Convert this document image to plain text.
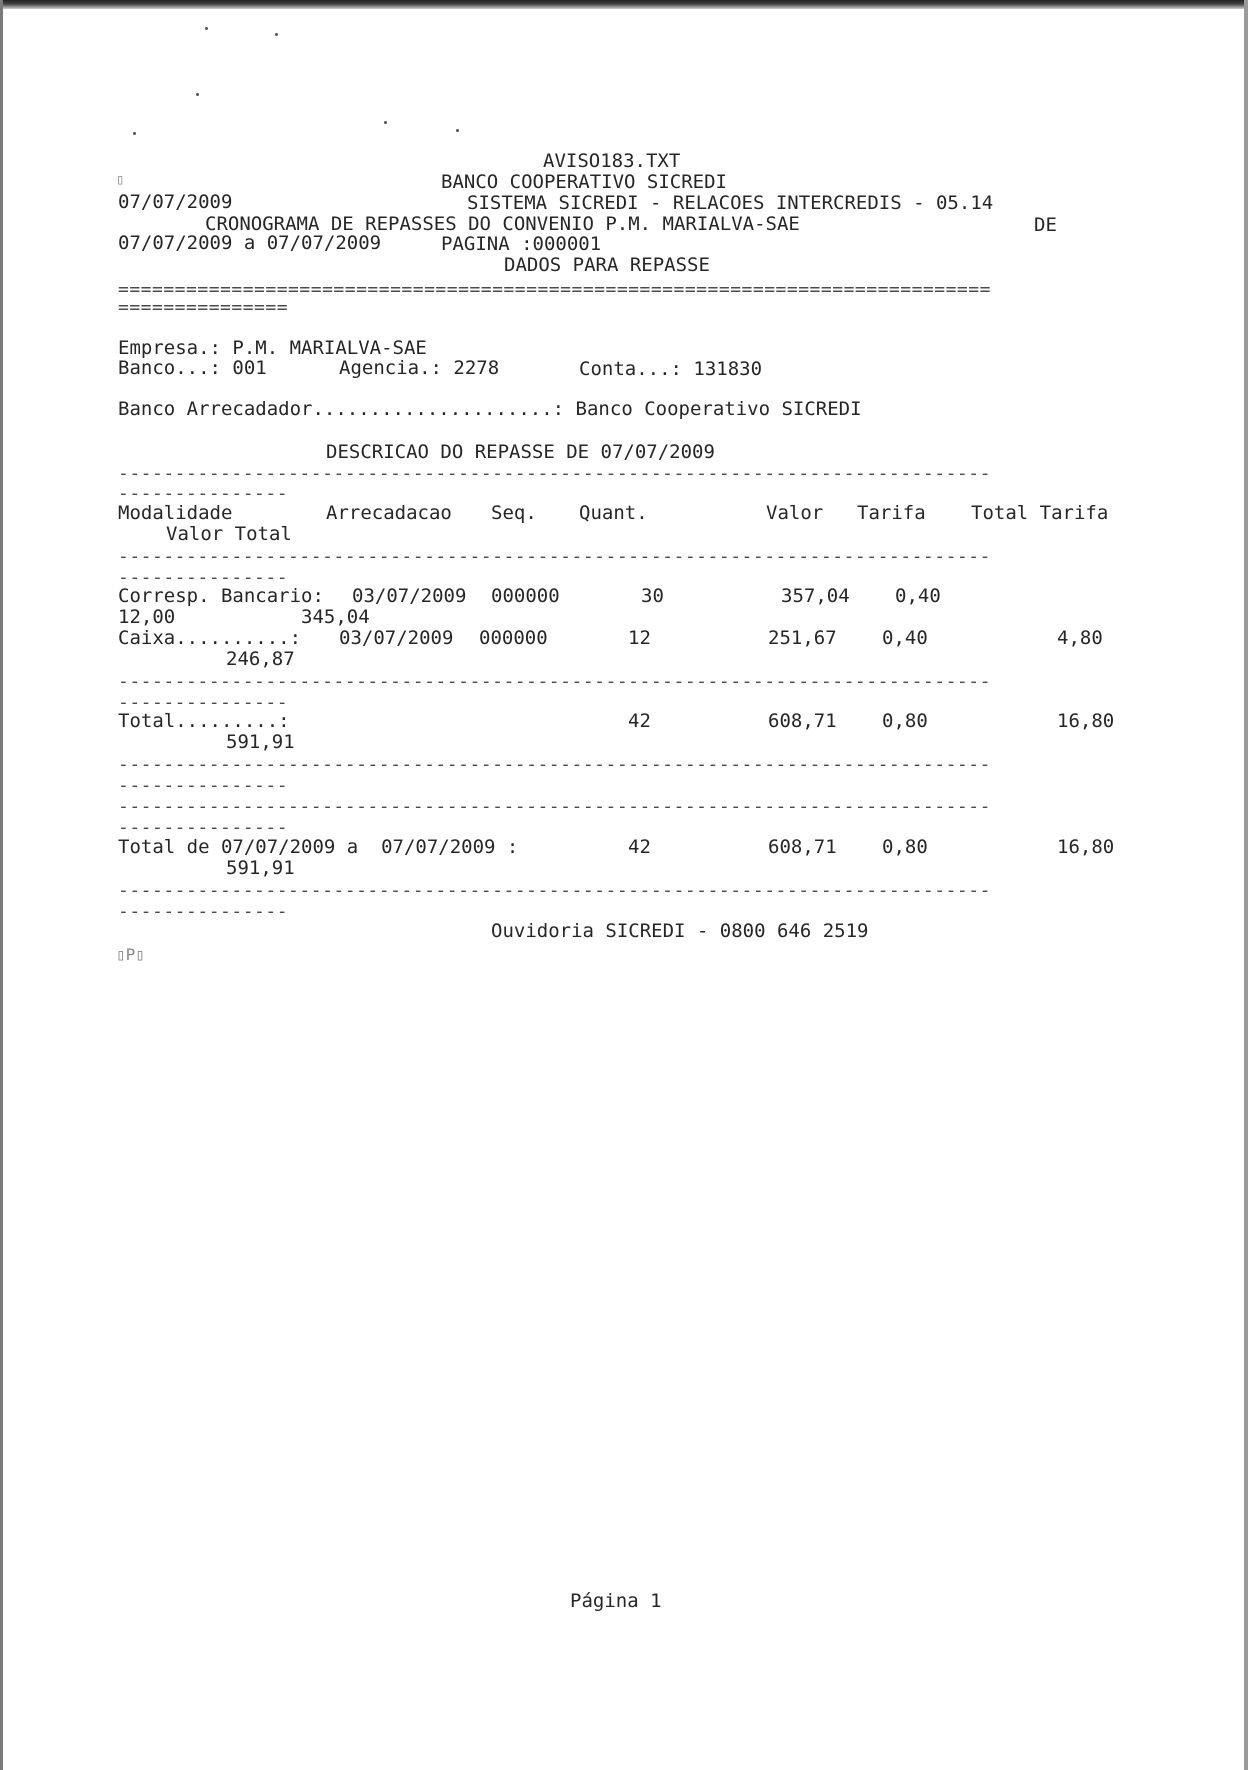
AVISO183.TXT
▯	BANCO COOPERATIVO SICREDI
07/07/2009	SISTEMA SICREDI - RELACOES INTERCREDIS - 05.14
CRONOGRAMA DE REPASSES DO CONVENIO P.M. MARIALVA-SAE	DE
07/07/2009 a 07/07/2009	PAGINA :000001
DADOS PARA REPASSE
=============================================================================
===============
Empresa.: P.M. MARIALVA-SAE
Banco...: 001	Agencia.: 2278	Conta...: 131830
Banco Arrecadador.....................: Banco Cooperativo SICREDI
DESCRICAO DO REPASSE DE 07/07/2009
-----------------------------------------------------------------------------
---------------
Modalidade	Arrecadacao Seq. Quant.	Valor Tarifa Total Tarifa
Valor Total
-----------------------------------------------------------------------------
---------------
Corresp. Bancario: 03/07/2009 000000	30	357,04 0,40
12,00	345,04
Caixa..........: 03/07/2009 000000	12	251,67 0,40	4,80
246,87
-----------------------------------------------------------------------------
---------------
Total.........:	42	608,71 0,80	16,80
591,91
-----------------------------------------------------------------------------
---------------
-----------------------------------------------------------------------------
---------------
Total de 07/07/2009 a  07/07/2009 :	42	608,71 0,80	16,80
591,91
-----------------------------------------------------------------------------
---------------
Ouvidoria SICREDI - 0800 646 2519
▯P▯
Página 1
